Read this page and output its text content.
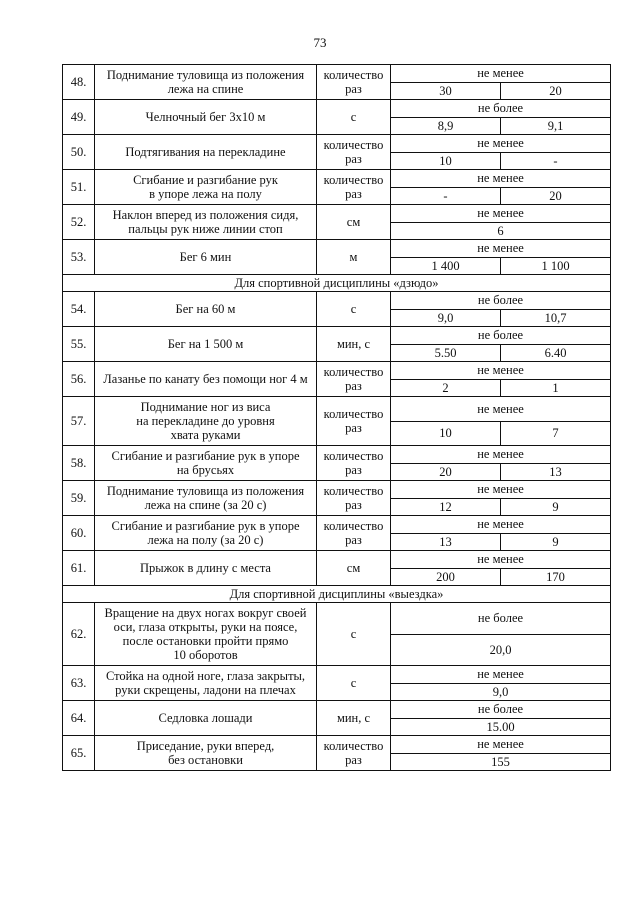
73
48.	Поднимание туловища из положения
лежа на спине	количество
раз	не менее	
			30	20
49.	Челночный бег 3х10 м	с	не более	
			8,9	9,1
50.	Подтягивания на перекладине	количество
раз	не менее	
			10	-
51.	Сгибание и разгибание рук
в упоре лежа на полу	количество
раз	не менее	
			-	20
52.	Наклон вперед из положения сидя,
пальцы рук ниже линии стоп	см	не менее	
			6	
53.	Бег 6 мин	м	не менее	
			1 400	1 100
Для спортивной дисциплины «дзюдо»				
54.	Бег на 60 м	с	не более	
			9,0	10,7
55.	Бег на 1 500 м	мин, с	не более	
			5.50	6.40
56.	Лазанье по канату без помощи ног 4 м	количество
раз	не менее	
			2	1
57.	Поднимание ног из виса
на перекладине до уровня
хвата руками	количество
раз	не менее	
			10	7
58.	Сгибание и разгибание рук в упоре
на брусьях	количество
раз	не менее	
			20	13
59.	Поднимание туловища из положения
лежа на спине (за 20 с)	количество
раз	не менее	
			12	9
60.	Сгибание и разгибание рук в упоре
лежа на полу (за 20 с)	количество
раз	не менее	
			13	9
61.	Прыжок в длину с места	см	не менее	
			200	170
Для спортивной дисциплины «выездка»				
62.	Вращение на двух ногах вокруг своей
оси, глаза открыты, руки на поясе,
после остановки пройти прямо
10 оборотов	с	не более	
			20,0	
63.	Стойка на одной ноге, глаза закрыты,
руки скрещены, ладони на плечах	с	не менее	
			9,0	
64.	Седловка лошади	мин, с	не более	
			15.00	
65.	Приседание, руки вперед,
без остановки	количество
раз	не менее	
			155	
